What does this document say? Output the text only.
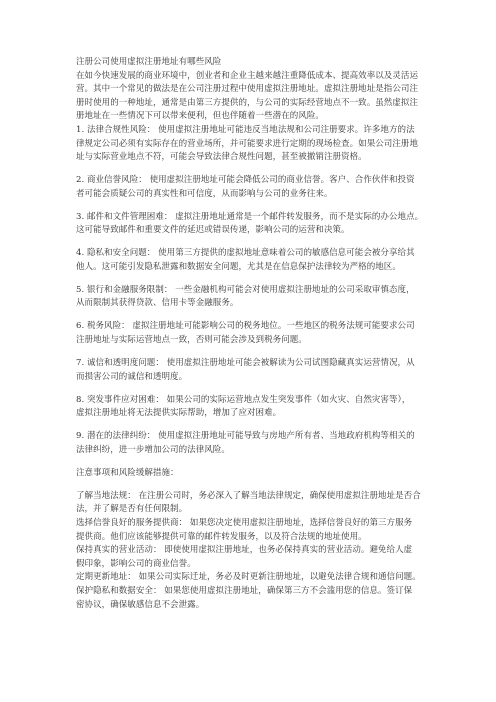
注册公司使用虚拟注册地址有哪些风险
在如今快速发展的商业环境中，创业者和企业主越来越注重降低成本、提高效率以及灵活运
营。其中一个常见的做法是在公司注册过程中使用虚拟注册地址。虚拟注册地址是指公司注
册时使用的一种地址，通常是由第三方提供的，与公司的实际经营地点不一致。虽然虚拟注
册地址在一些情况下可以带来便利，但也伴随着一些潜在的风险。
1. 法律合规性风险： 使用虚拟注册地址可能违反当地法规和公司注册要求。许多地方的法
律规定公司必须有实际存在的营业场所，并可能要求进行定期的现场检查。如果公司注册地
址与实际营业地点不符，可能会导致法律合规性问题，甚至被撤销注册资格。
2. 商业信誉风险： 使用虚拟注册地址可能会降低公司的商业信誉。客户、合作伙伴和投资
者可能会质疑公司的真实性和可信度，从而影响与公司的业务往来。
3. 邮件和文件管理困难： 虚拟注册地址通常是一个邮件转发服务，而不是实际的办公地点。
这可能导致邮件和重要文件的延迟或错误传递，影响公司的运营和决策。
4. 隐私和安全问题： 使用第三方提供的虚拟地址意味着公司的敏感信息可能会被分享给其
他人。这可能引发隐私泄露和数据安全问题，尤其是在信息保护法律较为严格的地区。
5. 银行和金融服务限制： 一些金融机构可能会对使用虚拟注册地址的公司采取审慎态度，
从而限制其获得贷款、信用卡等金融服务。
6. 税务风险： 虚拟注册地址可能影响公司的税务地位。一些地区的税务法规可能要求公司
注册地址与实际运营地点一致，否则可能会涉及到税务问题。
7. 诚信和透明度问题： 使用虚拟注册地址可能会被解读为公司试图隐藏真实运营情况，从
而损害公司的诚信和透明度。
8. 突发事件应对困难： 如果公司的实际运营地点发生突发事件（如火灾、自然灾害等），
虚拟注册地址将无法提供实际帮助，增加了应对困难。
9. 潜在的法律纠纷： 使用虚拟注册地址可能导致与房地产所有者、当地政府机构等相关的
法律纠纷，进一步增加公司的法律风险。
注意事项和风险缓解措施：
了解当地法规： 在注册公司时，务必深入了解当地法律规定，确保使用虚拟注册地址是否合
法，并了解是否有任何限制。
选择信誉良好的服务提供商： 如果您决定使用虚拟注册地址，选择信誉良好的第三方服务
提供商。他们应该能够提供可靠的邮件转发服务，以及符合法规的地址使用。
保持真实的营业活动： 即使使用虚拟注册地址，也务必保持真实的营业活动。避免给人虚
假印象，影响公司的商业信誉。
定期更新地址： 如果公司实际迁址，务必及时更新注册地址，以避免法律合规和通信问题。
保护隐私和数据安全： 如果您使用虚拟注册地址，确保第三方不会滥用您的信息。签订保
密协议，确保敏感信息不会泄露。
